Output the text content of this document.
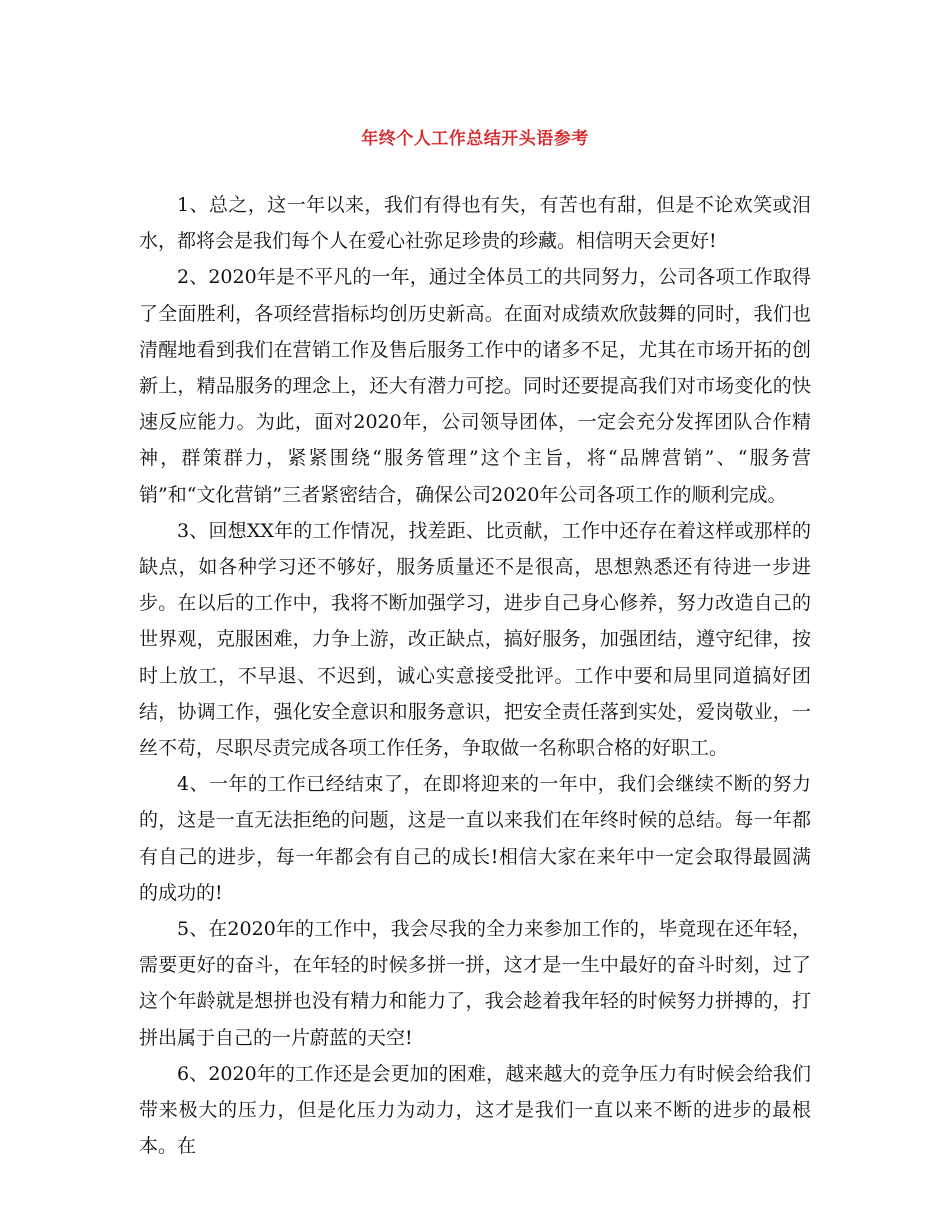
年终个人工作总结开头语参考

1、总之，这一年以来，我们有得也有失，有苦也有甜，但是不论欢笑或泪水，都将会是我们每个人在爱心社弥足珍贵的珍藏。相信明天会更好!

2、2020年是不平凡的一年，通过全体员工的共同努力，公司各项工作取得了全面胜利，各项经营指标均创历史新高。在面对成绩欢欣鼓舞的同时，我们也清醒地看到我们在营销工作及售后服务工作中的诸多不足，尤其在市场开拓的创新上，精品服务的理念上，还大有潜力可挖。同时还要提高我们对市场变化的快速反应能力。为此，面对2020年，公司领导团体，一定会充分发挥团队合作精神，群策群力，紧紧围绕“服务管理”这个主旨，将“品牌营销”、“服务营销”和“文化营销”三者紧密结合，确保公司2020年公司各项工作的顺利完成。

3、回想XX年的工作情况，找差距、比贡献，工作中还存在着这样或那样的缺点，如各种学习还不够好，服务质量还不是很高，思想熟悉还有待进一步进步。在以后的工作中，我将不断加强学习，进步自己身心修养，努力改造自己的世界观，克服困难，力争上游，改正缺点，搞好服务，加强团结，遵守纪律，按时上放工，不早退、不迟到，诚心实意接受批评。工作中要和局里同道搞好团结，协调工作，强化安全意识和服务意识，把安全责任落到实处，爱岗敬业，一丝不苟，尽职尽责完成各项工作任务，争取做一名称职合格的好职工。

4、一年的工作已经结束了，在即将迎来的一年中，我们会继续不断的努力的，这是一直无法拒绝的问题，这是一直以来我们在年终时候的总结。每一年都有自己的进步，每一年都会有自己的成长!相信大家在来年中一定会取得最圆满的成功的!

5、在2020年的工作中，我会尽我的全力来参加工作的，毕竟现在还年轻，需要更好的奋斗，在年轻的时候多拼一拼，这才是一生中最好的奋斗时刻，过了这个年龄就是想拼也没有精力和能力了，我会趁着我年轻的时候努力拼搏的，打拼出属于自己的一片蔚蓝的天空!

6、2020年的工作还是会更加的困难，越来越大的竞争压力有时候会给我们带来极大的压力，但是化压力为动力，这才是我们一直以来不断的进步的最根本。在
